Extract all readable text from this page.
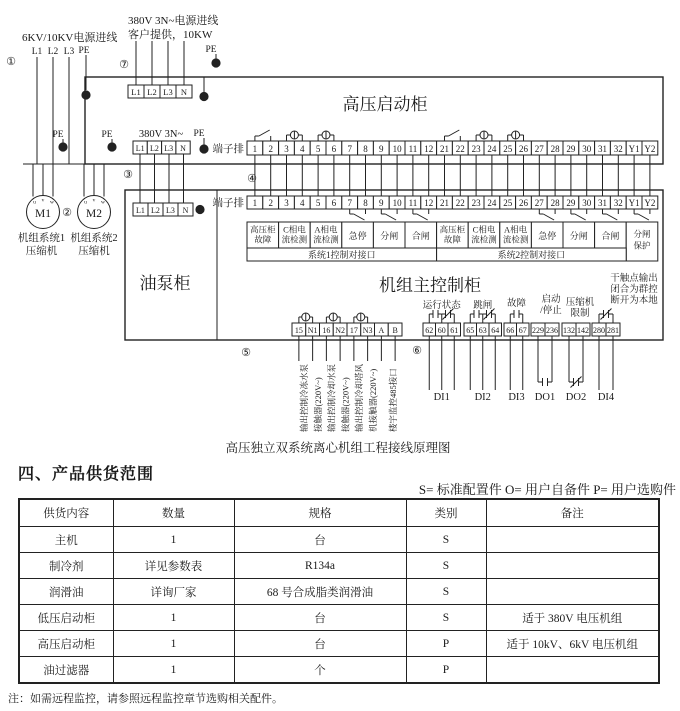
高压启动柜
油泵柜	机组主控制柜
6KV/10KV电源进线
L1 L2 L3 PE
①
380V 3N~电源进线
客户提供，10KW
L1 L2 L3 N
⑦
PE
380V 3N~
L1 L2 L3 N
PE
③
L1 L2 L3 N
PE	PE
M1	M2
u v w	u v w
②
机组系统1
压缩机
机组系统2
压缩机
端子排 1 2 3 4 5 6 7 8 9 10 11 12 21 22 23 24 25 26 27 28 29 30 31 32 Y1 Y2
④
端子排 1 2 3 4 5 6 7 8 9 10 11 12 21 22 23 24 25 26 27 28 29 30 31 32 Y1 Y2
高压柜
故障
C相电
流检测
A相电
流检测 急停 分闸 合闸
高压柜
故障
C相电
流检测
A相电
流检测 急停 分闸 合闸 分闸
保护
系统1控制对接口	系统2控制对接口
15 N1 16 N2 17 N3 A B
⑤
输出控制冷冻水泵 接触器(220V~) 输出控制冷却水泵 接触器(220V~) 输出控制冷却塔风 机接触器(220V~) 楼宇监控485接口
62 60 61 65 63 64 66 67 229 236 132 142 280 281
运行状态 跳闸 故障 启动
/停止
压缩机
限制
干触点输出
闭合为群控
断开为本地
DI1 DI2 DI3 DO1 DO2 DI4
⑥
高压独立双系统离心机组工程接线原理图
四、产品供货范围
S= 标准配置件 O= 用户自备件 P= 用户选购件
供货内容	数量	规格	类别	备注
主机	1	台	S	
制冷剂	详见参数表	R134a	S	
润滑油	详询厂家	68 号合成脂类润滑油	S	
低压启动柜	1	台	S	适于 380V 电压机组
高压启动柜	1	台	P	适于 10kV、6kV 电压机组
油过滤器	1	个	P	
注：如需远程监控，请参照远程监控章节选购相关配件。
